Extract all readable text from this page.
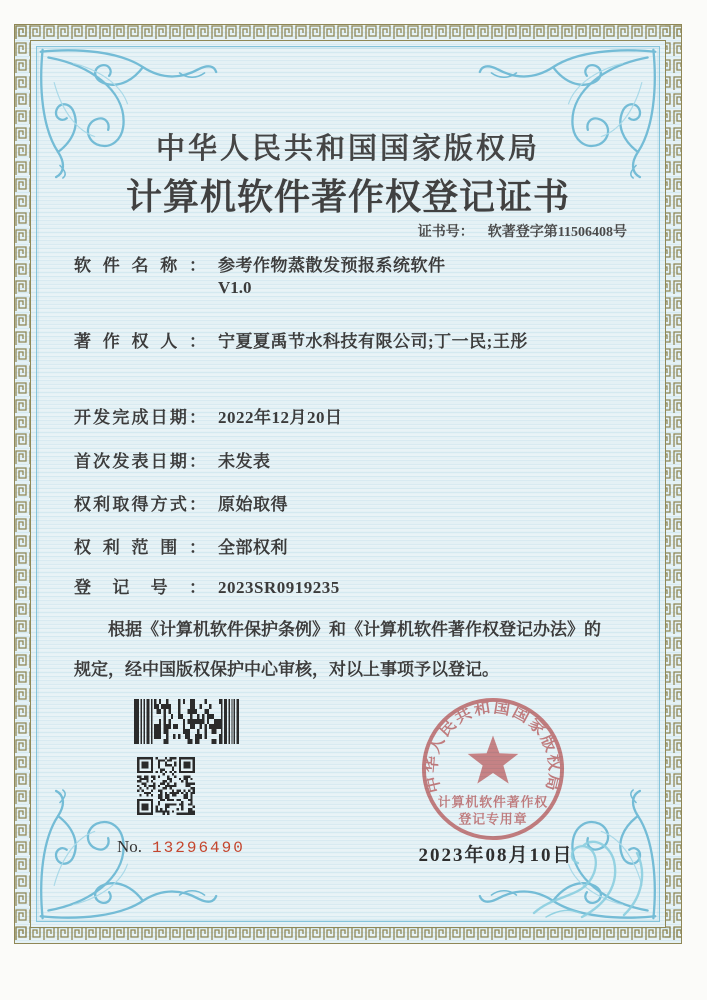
中华人民共和国国家版权局
计算机软件著作权登记证书
证书号： 软著登字第11506408号
软件名称： 参考作物蒸散发预报系统软件
V1.0
著作权人： 宁夏夏禹节水科技有限公司;丁一民;王彤
开发完成日期： 2022年12月20日
首次发表日期： 未发表
权利取得方式： 原始取得
权利范围： 全部权利
登记号： 2023SR0919235
根据《计算机软件保护条例》和《计算机软件著作权登记办法》的
规定，经中国版权保护中心审核，对以上事项予以登记。
中华人民共和国国家版权局
计算机软件著作权
登记专用章
2023年08月10日
No. 13296490
